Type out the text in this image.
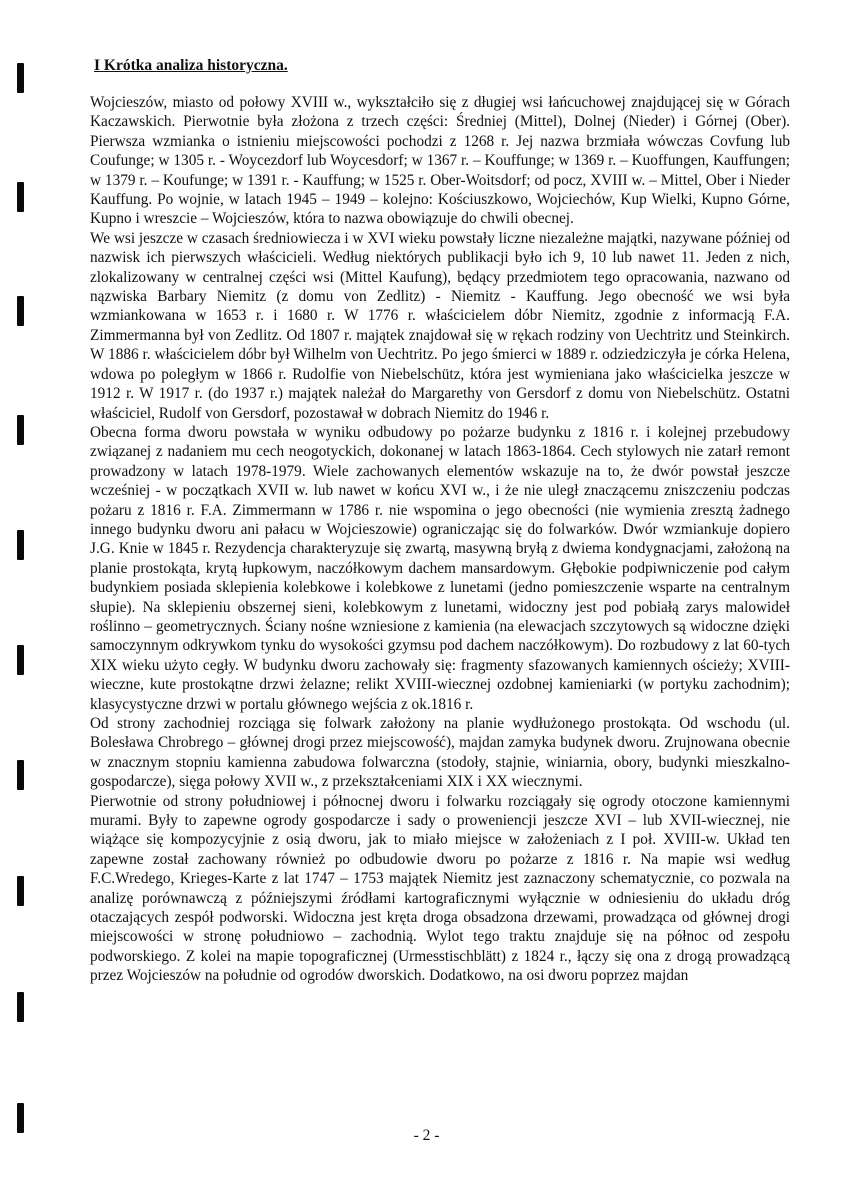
I Krótka analiza historyczna.

Wojcieszów, miasto od połowy XVIII w., wykształciło się z długiej wsi łańcuchowej znajdującej się w Górach Kaczawskich. Pierwotnie była złożona z trzech części: Średniej (Mittel), Dolnej (Nieder) i Górnej (Ober). Pierwsza wzmianka o istnieniu miejscowości pochodzi z 1268 r. Jej nazwa brzmiała wówczas Covfung lub Coufunge; w 1305 r. - Woycezdorf lub Woycesdorf; w 1367 r. – Kouffunge; w 1369 r. – Kuoffungen, Kauffungen; w 1379 r. – Koufunge; w 1391 r. - Kauffung; w 1525 r. Ober-Woitsdorf; od pocz, XVIII w. – Mittel, Ober i Nieder Kauffung. Po wojnie, w latach 1945 – 1949 – kolejno: Kościuszkowo, Wojciechów, Kup Wielki, Kupno Górne, Kupno i wreszcie – Wojcieszów, która to nazwa obowiązuje do chwili obecnej.

We wsi jeszcze w czasach średniowiecza i w XVI wieku powstały liczne niezależne majątki, nazywane później od nazwisk ich pierwszych właścicieli. Według niektórych publikacji było ich 9, 10 lub nawet 11. Jeden z nich, zlokalizowany w centralnej części wsi (Mittel Kaufung), będący przedmiotem tego opracowania, nazwano od nązwiska Barbary Niemitz (z domu von Zedlitz) - Niemitz - Kauffung. Jego obecność we wsi była wzmiankowana w 1653 r. i 1680 r. W 1776 r. właścicielem dóbr Niemitz, zgodnie z informacją F.A. Zimmermanna był von Zedlitz. Od 1807 r. majątek znajdował się w rękach rodziny von Uechtritz und Steinkirch. W 1886 r. właścicielem dóbr był Wilhelm von Uechtritz. Po jego śmierci w 1889 r. odziedziczyła je córka Helena, wdowa po poległym w 1866 r. Rudolfie von Niebelschütz, która jest wymieniana jako właścicielka jeszcze w 1912 r. W 1917 r. (do 1937 r.) majątek należał do Margarethy von Gersdorf z domu von Niebelschütz. Ostatni właściciel, Rudolf von Gersdorf, pozostawał w dobrach Niemitz do 1946 r.

Obecna forma dworu powstała w wyniku odbudowy po pożarze budynku z 1816 r. i kolejnej przebudowy związanej z nadaniem mu cech neogotyckich, dokonanej w latach 1863-1864. Cech stylowych nie zatarł remont prowadzony w latach 1978-1979. Wiele zachowanych elementów wskazuje na to, że dwór powstał jeszcze wcześniej - w początkach XVII w. lub nawet w końcu XVI w., i że nie uległ znaczącemu zniszczeniu podczas pożaru z 1816 r. F.A. Zimmermann w 1786 r. nie wspomina o jego obecności (nie wymienia zresztą żadnego innego budynku dworu ani pałacu w Wojcieszowie) ograniczając się do folwarków. Dwór wzmiankuje dopiero J.G. Knie w 1845 r. Rezydencja charakteryzuje się zwartą, masywną bryłą z dwiema kondygnacjami, założoną na planie prostokąta, krytą łupkowym, naczółkowym dachem mansardowym. Głębokie podpiwniczenie pod całym budynkiem posiada sklepienia kolebkowe i kolebkowe z lunetami (jedno pomieszczenie wsparte na centralnym słupie). Na sklepieniu obszernej sieni, kolebkowym z lunetami, widoczny jest pod pobiałą zarys malowideł roślinno – geometrycznych. Ściany nośne wzniesione z kamienia (na elewacjach szczytowych są widoczne dzięki samoczynnym odkrywkom tynku do wysokości gzymsu pod dachem naczółkowym). Do rozbudowy z lat 60-tych XIX wieku użyto cegły. W budynku dworu zachowały się: fragmenty sfazowanych kamiennych ościeży; XVIII-wieczne, kute prostokątne drzwi żelazne; relikt XVIII-wiecznej ozdobnej kamieniarki (w portyku zachodnim); klasycystyczne drzwi w portalu głównego wejścia z ok.1816 r.

Od strony zachodniej rozciąga się folwark założony na planie wydłużonego prostokąta. Od wschodu (ul. Bolesława Chrobrego – głównej drogi przez miejscowość), majdan zamyka budynek dworu. Zrujnowana obecnie w znacznym stopniu kamienna zabudowa folwarczna (stodoły, stajnie, winiarnia, obory, budynki mieszkalno-gospodarcze), sięga połowy XVII w., z przekształceniami XIX i XX wiecznymi.

Pierwotnie od strony południowej i północnej dworu i folwarku rozciągały się ogrody otoczone kamiennymi murami. Były to zapewne ogrody gospodarcze i sady o proweniencji jeszcze XVI – lub XVII-wiecznej, nie wiążące się kompozycyjnie z osią dworu, jak to miało miejsce w założeniach z I poł. XVIII-w. Układ ten zapewne został zachowany również po odbudowie dworu po pożarze z 1816 r. Na mapie wsi według F.C.Wredego, Krieges-Karte z lat 1747 – 1753 majątek Niemitz jest zaznaczony schematycznie, co pozwala na analizę porównawczą z późniejszymi źródłami kartograficznymi wyłącznie w odniesieniu do układu dróg otaczających zespół podworski. Widoczna jest kręta droga obsadzona drzewami, prowadząca od głównej drogi miejscowości w stronę południowo – zachodnią. Wylot tego traktu znajduje się na północ od zespołu podworskiego. Z kolei na mapie topograficznej (Urmesstischblätt) z 1824 r., łączy się ona z drogą prowadzącą przez Wojcieszów na południe od ogrodów dworskich. Dodatkowo, na osi dworu poprzez majdan

- 2 -
